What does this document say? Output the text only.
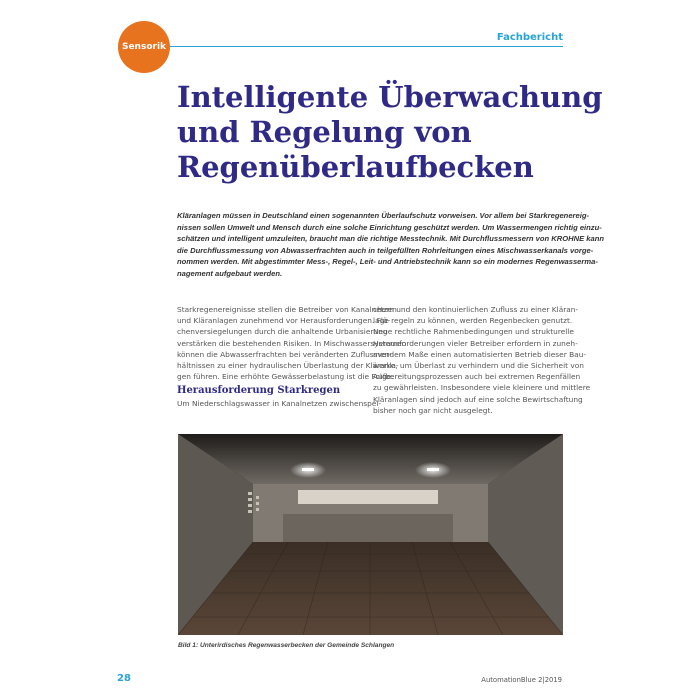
Sensorik
Fachbericht
Intelligente Überwachung
und Regelung von
Regenüberlaufbecken

Kläranlagen müssen in Deutschland einen sogenannten Überlaufschutz vorweisen. Vor allem bei Starkregenereig-
nissen sollen Umwelt und Mensch durch eine solche Einrichtung geschützt werden. Um Wassermengen richtig einzu-
schätzen und intelligent umzuleiten, braucht man die richtige Messtechnik. Mit Durchflussmessern von KROHNE kann
die Durchflussmessung von Abwasserfrachten auch in teilgefüllten Rohrleitungen eines Mischwasserkanals vorge-
nommen werden. Mit abgestimmter Mess-, Regel-, Leit- und Antriebstechnik kann so ein modernes Regenwasserma-
nagement aufgebaut werden.

Starkregenereignisse stellen die Betreiber von Kanalnetzen
und Kläranlagen zunehmend vor Herausforderungen. Flä-
chenversiegelungen durch die anhaltende Urbanisierung
verstärken die bestehenden Risiken. In Mischwassersystemen
können die Abwasserfrachten bei veränderten Zuflussver-
hältnissen zu einer hydraulischen Überlastung der Kläranla-
gen führen. Eine erhöhte Gewässerbelastung ist die Folge.
Herausforderung Starkregen
Um Niederschlagswasser in Kanalnetzen zwischenspei-
chern und den kontinuierlichen Zufluss zu einer Kläran-
lage regeln zu können, werden Regenbecken genutzt.
Neue rechtliche Rahmenbedingungen und strukturelle
Herausforderungen vieler Betreiber erfordern in zuneh-
mendem Maße einen automatisierten Betrieb dieser Bau-
werke, um Überlast zu verhindern und die Sicherheit von
Aufbereitungsprozessen auch bei extremen Regenfällen
zu gewährleisten. Insbesondere viele kleinere und mittlere
Kläranlagen sind jedoch auf eine solche Bewirtschaftung
bisher noch gar nicht ausgelegt.
Bild 1: Unterirdisches Regenwasserbecken der Gemeinde Schlangen
28	AutomationBlue 2|2019
